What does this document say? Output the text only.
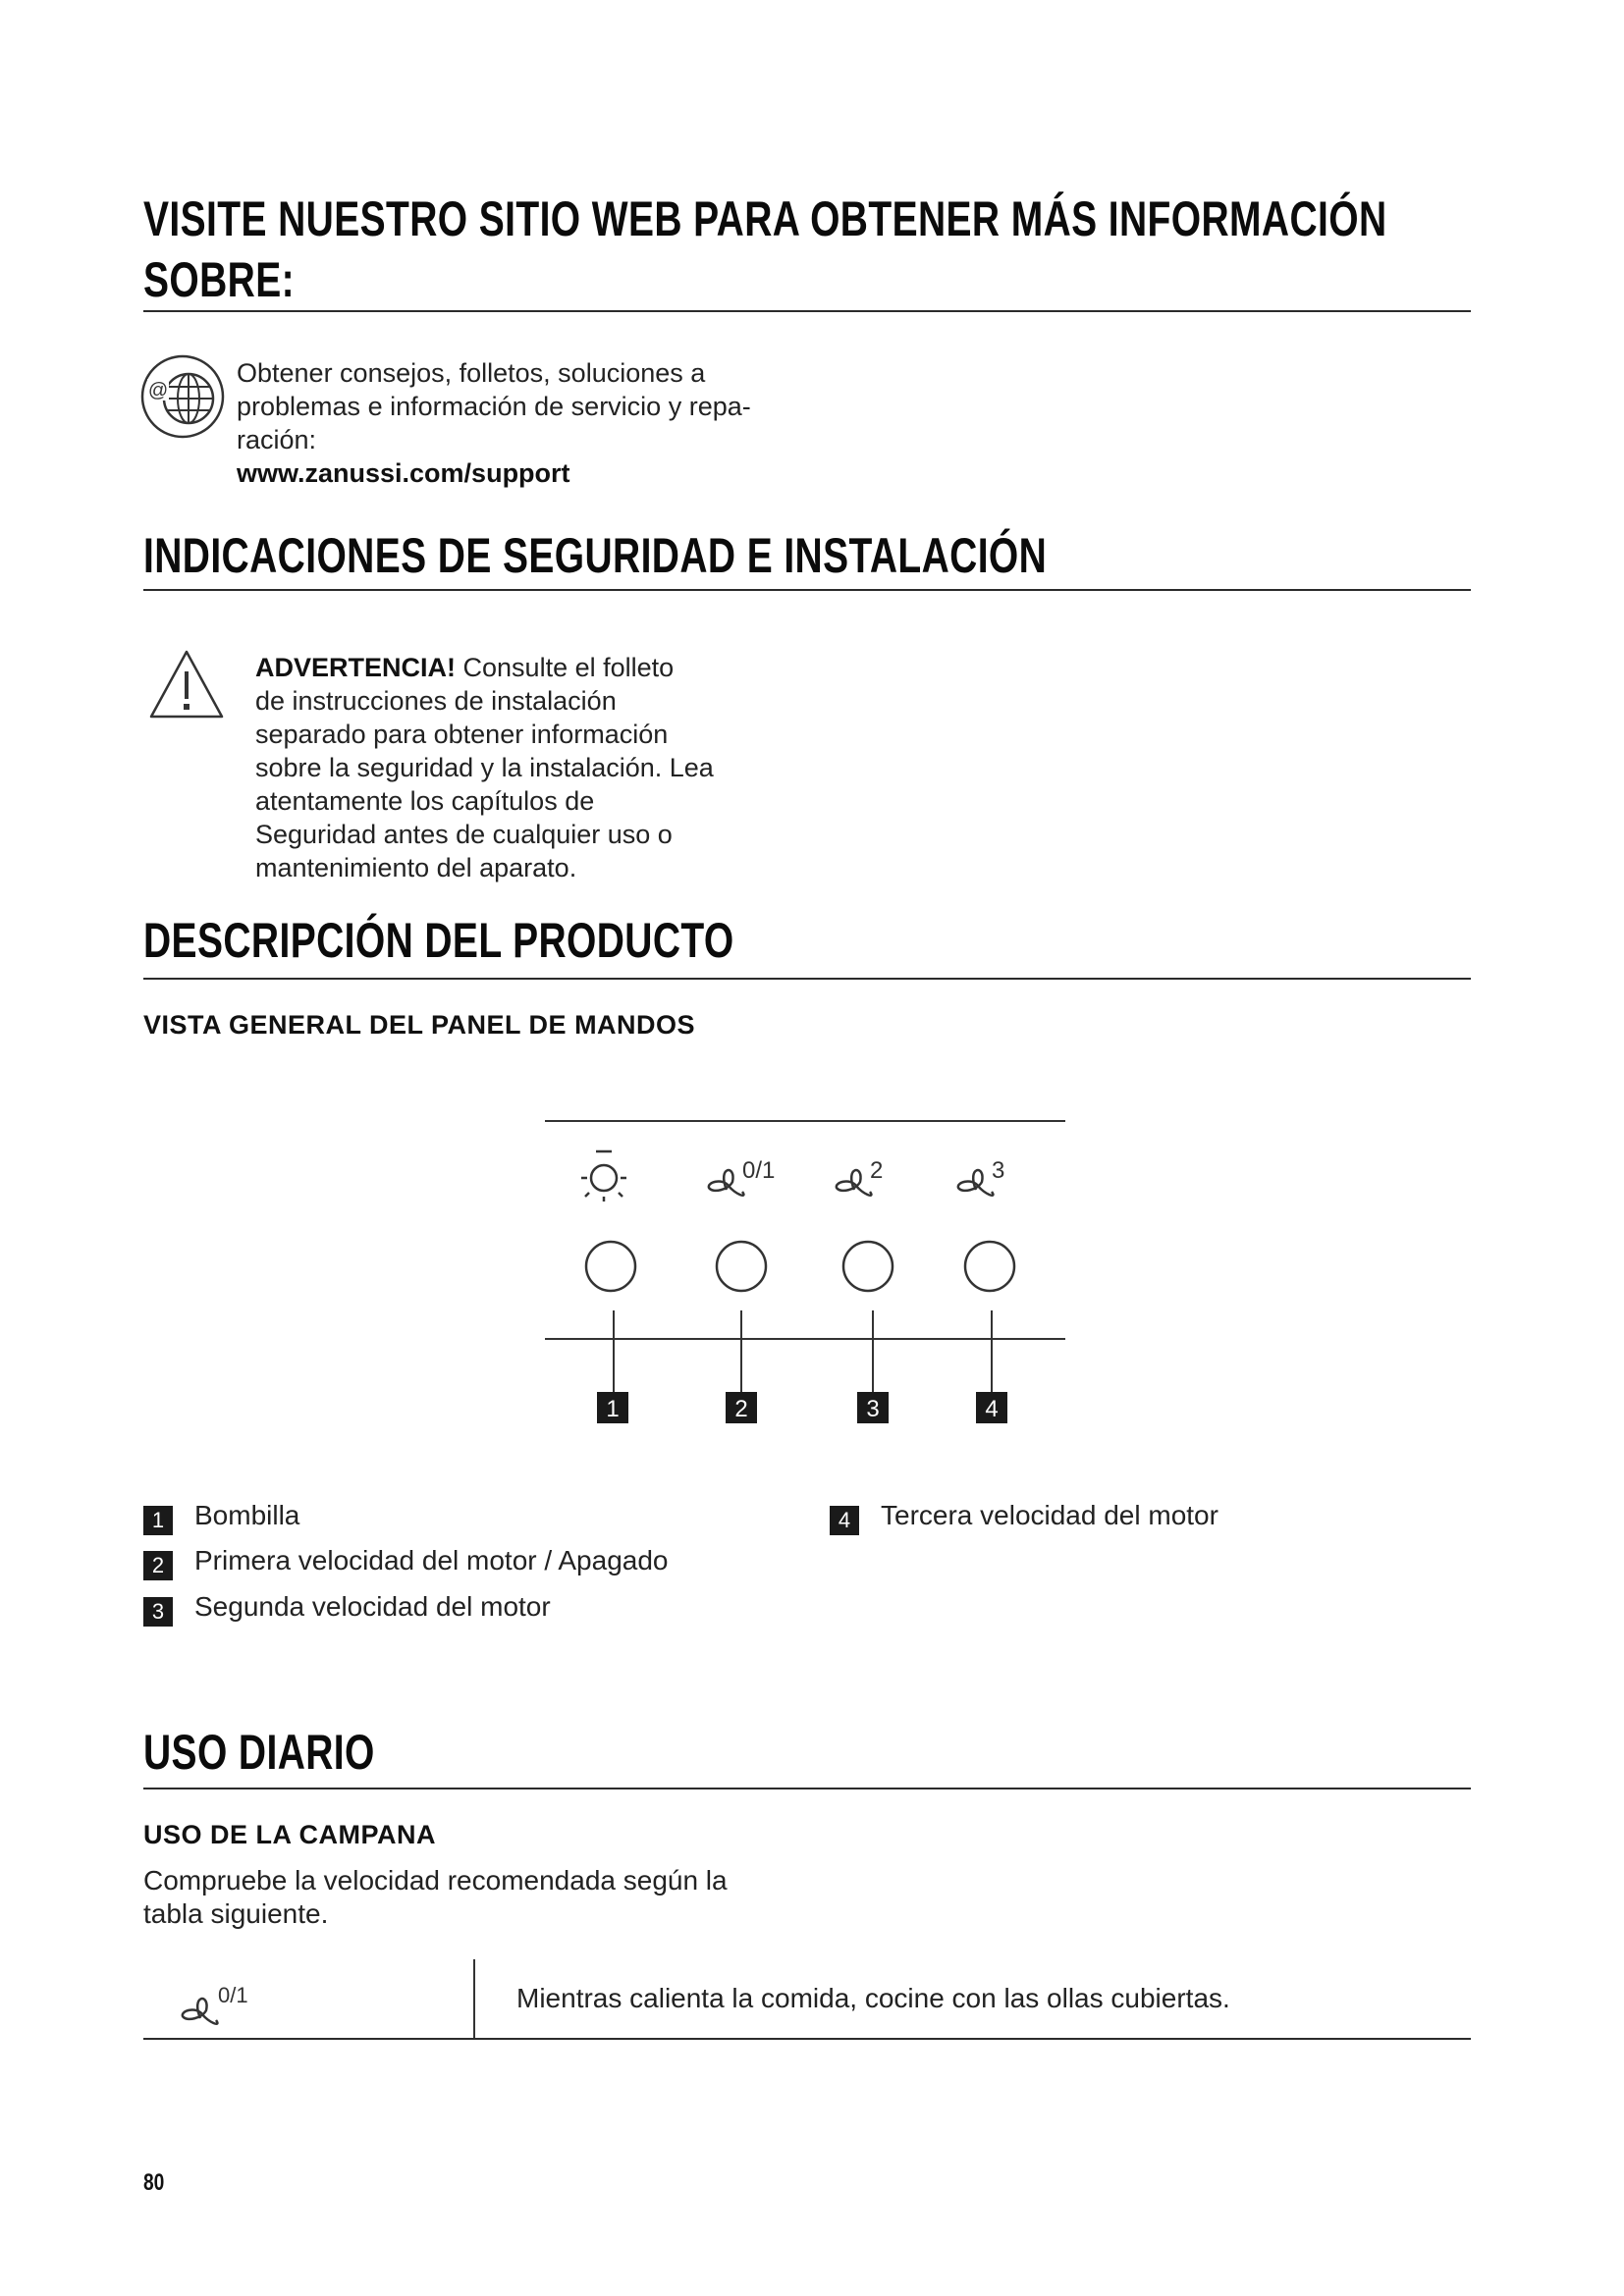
VISITE NUESTRO SITIO WEB PARA OBTENER MÁS INFORMACIÓN
SOBRE:
@
Obtener consejos, folletos, soluciones a
problemas e información de servicio y repa-
ración:
www.zanussi.com/support
INDICACIONES DE SEGURIDAD E INSTALACIÓN
ADVERTENCIA! Consulte el folleto
de instrucciones de instalación
separado para obtener información
sobre la seguridad y la instalación. Lea
atentamente los capítulos de
Seguridad antes de cualquier uso o
mantenimiento del aparato.
DESCRIPCIÓN DEL PRODUCTO
VISTA GENERAL DEL PANEL DE MANDOS
0/1	2	3
1	2	3	4
1 Bombilla
2 Primera velocidad del motor / Apagado
3 Segunda velocidad del motor
4 Tercera velocidad del motor
USO DIARIO
USO DE LA CAMPANA
Compruebe la velocidad recomendada según la
tabla siguiente.
0/1	Mientras calienta la comida, cocine con las ollas cubiertas.
80
